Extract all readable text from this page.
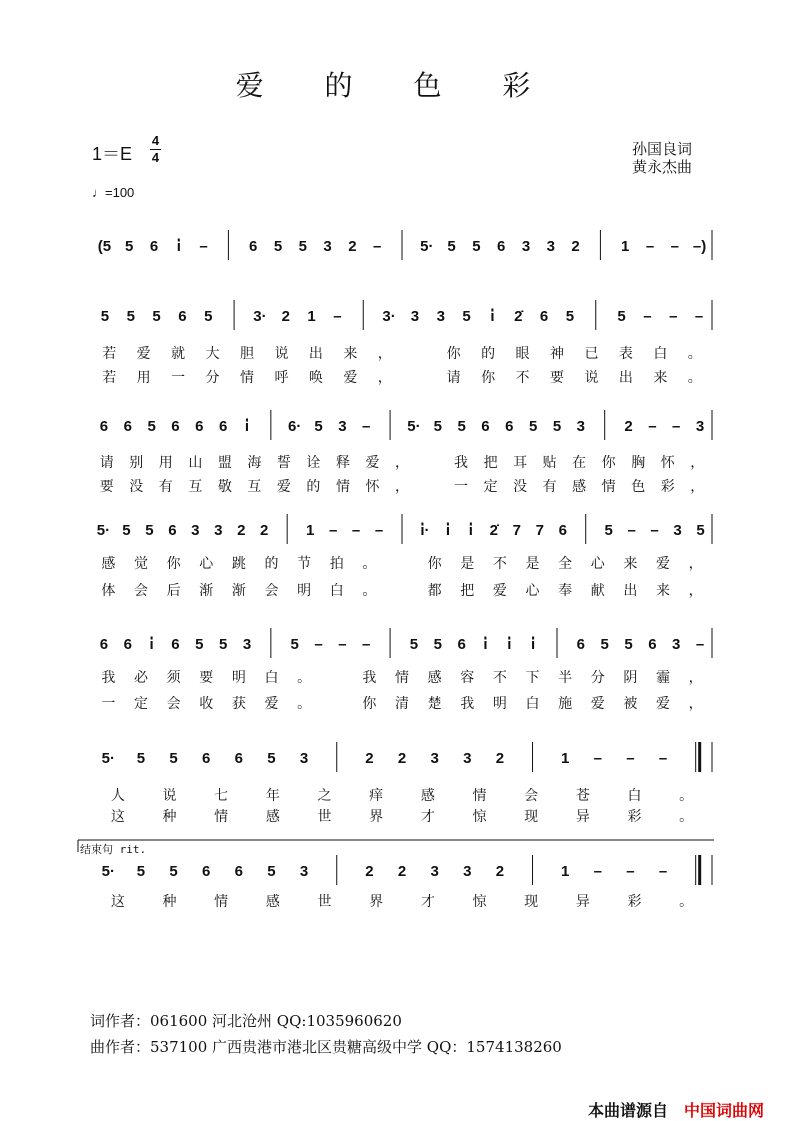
爱 的 色 彩
1＝E
4
4	孙国良词
黄永杰曲
♩=100
(5 5	6	i̇	–	6	5	5	3	2	–	5· 5	5	6	3	3	2	1	–	– –)
5	5	5	6	5	3·	2	1	–	3· 3	3	5	i̇	2̇	6	5	5	–	–	–
若 爱 就 大 胆 说 出 来 ，	你 的 眼 神 已 表 白 。
若 用 一 分 情 呼 唤 爱 ，	请 你 不 要 说 出 来 。
6	6	5	6	6	6	i̇	6· 5	3	–	5· 5	5	6	6	5	5	3	2	–	–	3
请 别 用 山 盟 海 誓 诠 释 爱 ，	我 把 耳 贴 在 你 胸 怀 ，
要 没 有 互 敬 互 爱 的 情 怀 ，	一 定 没 有 感 情 色 彩 ，
5· 5 5 6 3 3 2 2	1 – – –	i̇·	i̇	i̇	2̇ 7 7 6	5 – – 3 5
感 觉 你 心 跳 的 节 拍 。	你 是 不 是 全 心 来 爱 ，
体 会 后 渐 渐 会 明 白 。	都 把 爱 心 奉 献 出 来 ，
6	6	i̇	6	5	5	3	5	–	–	–	5	5	6	i̇	i̇	i̇	6	5	5	6	3	–
我 必 须 要 明 白 。	我 情 感 容 不 下 半 分 阴 霾 ，
一 定 会 收 获 爱 。	你 清 楚 我 明 白 施 爱 被 爱 ，
5·	5	5	6	6	5	3	2	2	3	3	2	1	–	–	–
人	说	七	年	之	痒	感	情	会	苍	白	。
这	种	情	感	世	界	才	惊	现	异	彩	。
5·	5	5	6	6	5	3	2	2	3	3	2	1	–	–	–
这	种	情	感	世	界	才	惊	现	异	彩	。
结束句 rit.
词作者：061600 河北沧州 QQ:1035960620
曲作者：537100 广西贵港市港北区贵糖高级中学 QQ：1574138260
本曲谱源自 中国词曲网
